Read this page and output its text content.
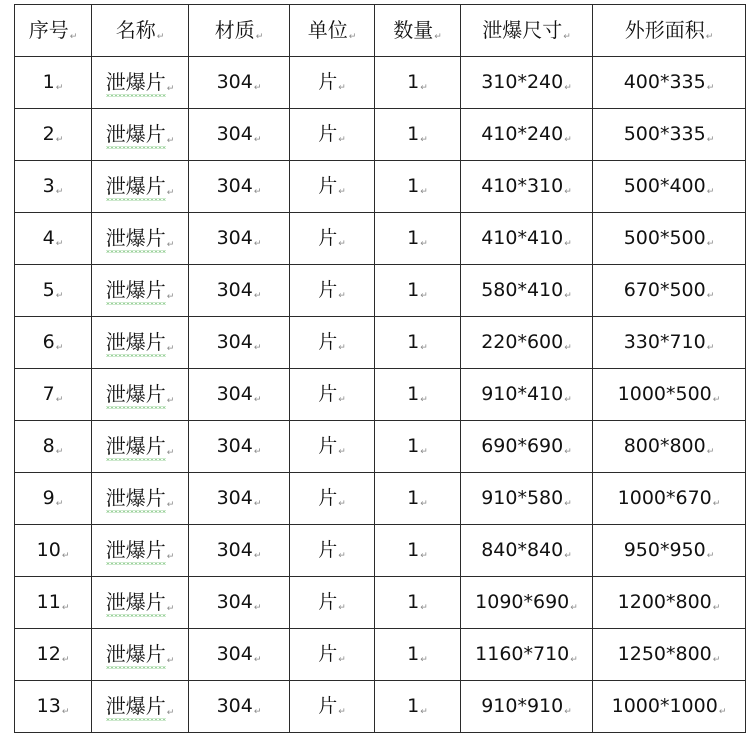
序号↵	名称↵	材质↵	单位↵	数量↵	泄爆尺寸↵	外形面积↵
1↵	泄爆片↵	304↵	片↵	1↵	310*240↵	400*335↵
2↵	泄爆片↵	304↵	片↵	1↵	410*240↵	500*335↵
3↵	泄爆片↵	304↵	片↵	1↵	410*310↵	500*400↵
4↵	泄爆片↵	304↵	片↵	1↵	410*410↵	500*500↵
5↵	泄爆片↵	304↵	片↵	1↵	580*410↵	670*500↵
6↵	泄爆片↵	304↵	片↵	1↵	220*600↵	330*710↵
7↵	泄爆片↵	304↵	片↵	1↵	910*410↵	1000*500↵
8↵	泄爆片↵	304↵	片↵	1↵	690*690↵	800*800↵
9↵	泄爆片↵	304↵	片↵	1↵	910*580↵	1000*670↵
10↵	泄爆片↵	304↵	片↵	1↵	840*840↵	950*950↵
11↵	泄爆片↵	304↵	片↵	1↵	1090*690↵	1200*800↵
12↵	泄爆片↵	304↵	片↵	1↵	1160*710↵	1250*800↵
13↵	泄爆片↵	304↵	片↵	1↵	910*910↵	1000*1000↵
